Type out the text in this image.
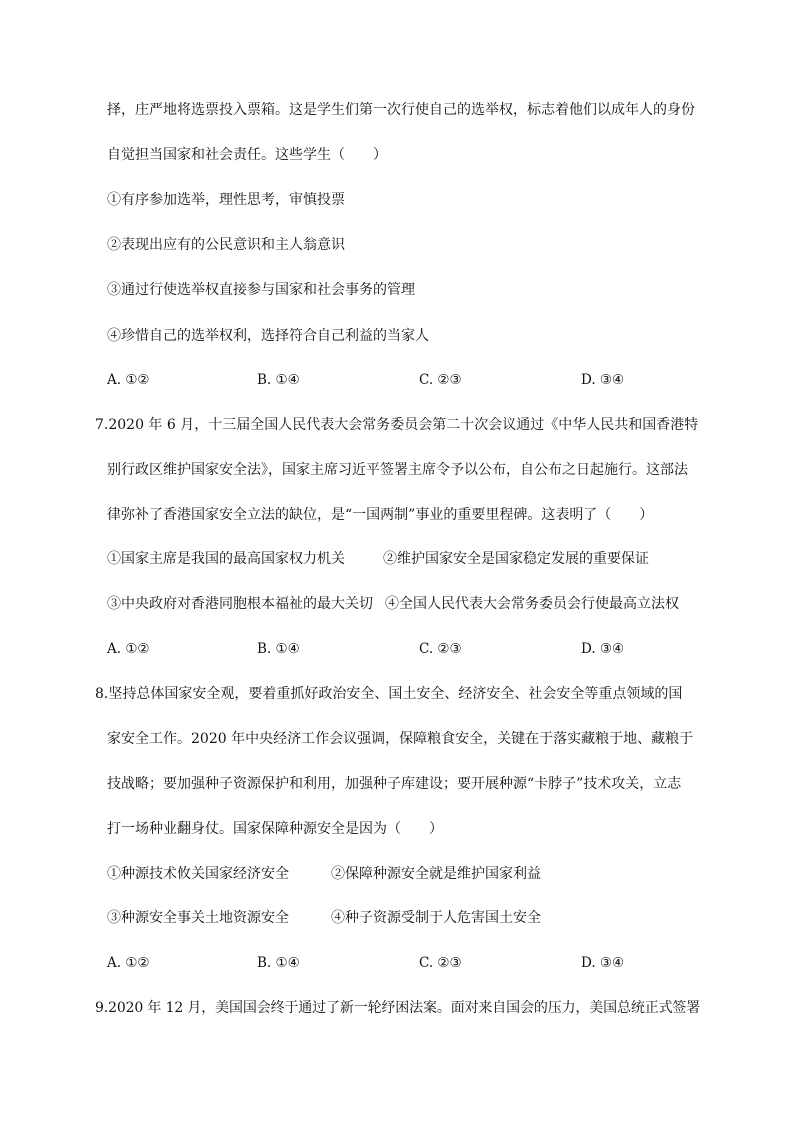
择，庄严地将选票投入票箱。这是学生们第一次行使自己的选举权，标志着他们以成年人的身份
自觉担当国家和社会责任。这些学生（　　）
①有序参加选举，理性思考，审慎投票
②表现出应有的公民意识和主人翁意识
③通过行使选举权直接参与国家和社会事务的管理
④珍惜自己的选举权利，选择符合自己利益的当家人
A. ①②	B. ①④	C. ②③	D. ③④
7.2020 年 6 月，十三届全国人民代表大会常务委员会第二十次会议通过《中华人民共和国香港特
别行政区维护国家安全法》，国家主席习近平签署主席令予以公布，自公布之日起施行。这部法
律弥补了香港国家安全立法的缺位，是“一国两制”事业的重要里程碑。这表明了（　　）
①国家主席是我国的最高国家权力机关	②维护国家安全是国家稳定发展的重要保证
③中央政府对香港同胞根本福祉的最大关切 ④全国人民代表大会常务委员会行使最高立法权
A. ①②	B. ①④	C. ②③	D. ③④
8.坚持总体国家安全观，要着重抓好政治安全、国土安全、经济安全、社会安全等重点领域的国
家安全工作。2020 年中央经济工作会议强调，保障粮食安全，关键在于落实藏粮于地、藏粮于
技战略；要加强种子资源保护和利用，加强种子库建设；要开展种源“卡脖子”技术攻关，立志
打一场种业翻身仗。国家保障种源安全是因为（　　）
①种源技术攸关国家经济安全	②保障种源安全就是维护国家利益
③种源安全事关土地资源安全	④种子资源受制于人危害国土安全
A. ①②	B. ①④	C. ②③	D. ③④
9.2020 年 12 月，美国国会终于通过了新一轮纾困法案。面对来自国会的压力，美国总统正式签署
